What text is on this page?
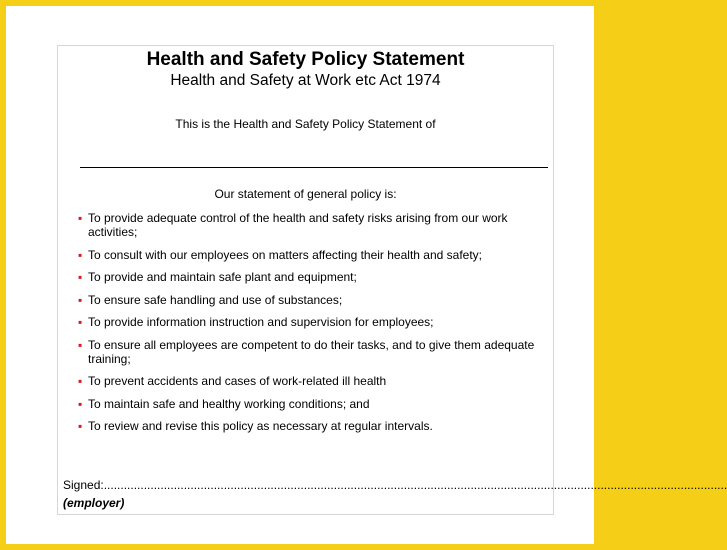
Health and Safety Policy Statement
Health and Safety at Work etc Act 1974
This is the Health and Safety Policy Statement of
Our statement of general policy is:
▪ To provide adequate control of the health and safety risks arising from our work activities;
▪ To consult with our employees on matters affecting their health and safety;
▪ To provide and maintain safe plant and equipment;
▪ To ensure safe handling and use of substances;
▪ To provide information instruction and supervision for employees;
▪ To ensure all employees are competent to do their tasks, and to give them adequate training;
▪ To prevent accidents and cases of work-related ill health
▪ To maintain safe and healthy working conditions; and
▪ To review and revise this policy as necessary at regular intervals.
Signed:...........................................................................................................................................................................................
(employer)
